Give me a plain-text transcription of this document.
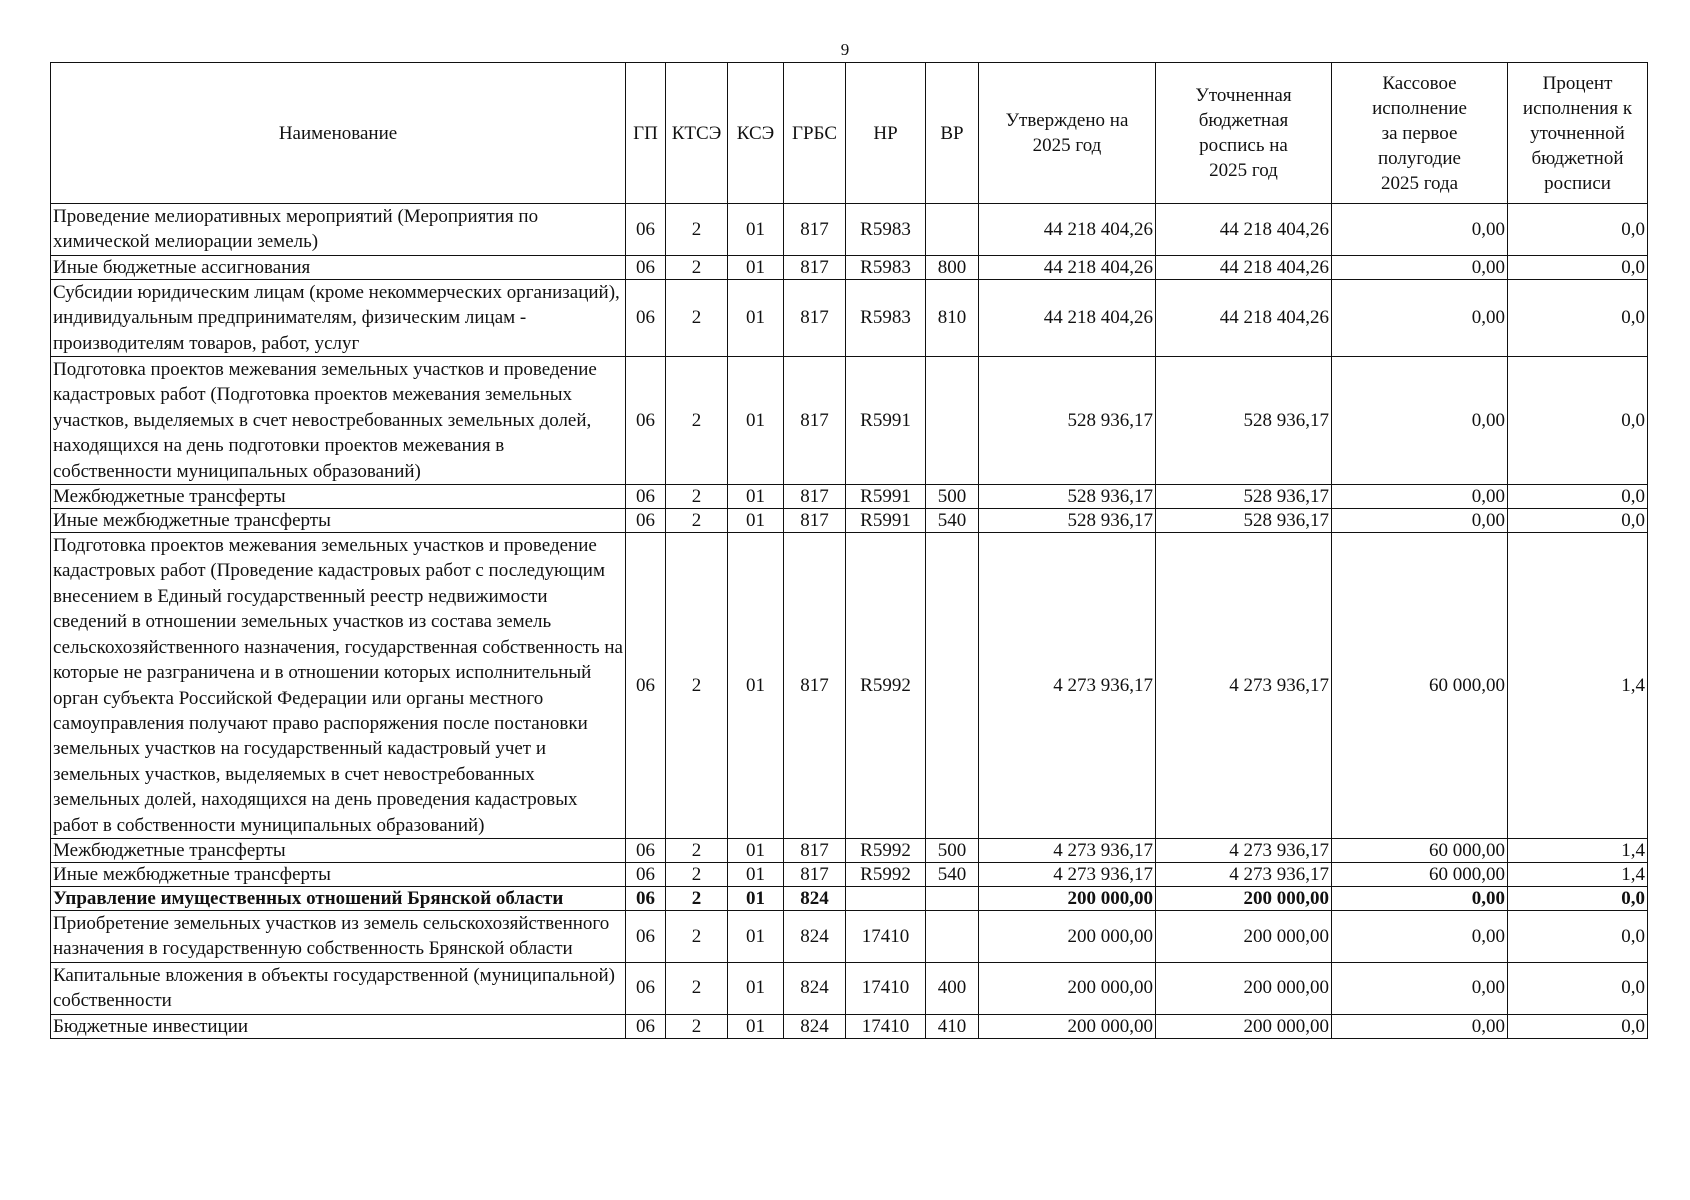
9
Наименование	ГП	КТСЭ	КСЭ	ГРБС	НР	ВР	Утверждено на 2025 год	Уточненная бюджетная роспись на 2025 год	Кассовое исполнение за первое полугодие 2025 года	Процент исполнения к уточненной бюджетной росписи
Проведение мелиоративных мероприятий (Мероприятия по химической мелиорации земель)	06	2	01	817	R5983		44 218 404,26	44 218 404,26	0,00	0,0
Иные бюджетные ассигнования	06	2	01	817	R5983	800	44 218 404,26	44 218 404,26	0,00	0,0
Субсидии юридическим лицам (кроме некоммерческих организаций), индивидуальным предпринимателям, физическим лицам - производителям товаров, работ, услуг	06	2	01	817	R5983	810	44 218 404,26	44 218 404,26	0,00	0,0
Подготовка проектов межевания земельных участков и проведение кадастровых работ (Подготовка проектов межевания земельных участков, выделяемых в счет невостребованных земельных долей, находящихся на день подготовки проектов межевания в собственности муниципальных образований)	06	2	01	817	R5991		528 936,17	528 936,17	0,00	0,0
Межбюджетные трансферты	06	2	01	817	R5991	500	528 936,17	528 936,17	0,00	0,0
Иные межбюджетные трансферты	06	2	01	817	R5991	540	528 936,17	528 936,17	0,00	0,0
Подготовка проектов межевания земельных участков и проведение кадастровых работ (Проведение кадастровых работ с последующим внесением в Единый государственный реестр недвижимости сведений в отношении земельных участков из состава земель сельскохозяйственного назначения, государственная собственность на которые не разграничена и в отношении которых исполнительный орган субъекта Российской Федерации или органы местного самоуправления получают право распоряжения после постановки земельных участков на государственный кадастровый учет и земельных участков, выделяемых в счет невостребованных земельных долей, находящихся на день проведения кадастровых работ в собственности муниципальных образований)	06	2	01	817	R5992		4 273 936,17	4 273 936,17	60 000,00	1,4
Межбюджетные трансферты	06	2	01	817	R5992	500	4 273 936,17	4 273 936,17	60 000,00	1,4
Иные межбюджетные трансферты	06	2	01	817	R5992	540	4 273 936,17	4 273 936,17	60 000,00	1,4
Управление имущественных отношений Брянской области	06	2	01	824			200 000,00	200 000,00	0,00	0,0
Приобретение земельных участков из земель сельскохозяйственного назначения в государственную собственность Брянской области	06	2	01	824	17410		200 000,00	200 000,00	0,00	0,0
Капитальные вложения в объекты государственной (муниципальной) собственности	06	2	01	824	17410	400	200 000,00	200 000,00	0,00	0,0
Бюджетные инвестиции	06	2	01	824	17410	410	200 000,00	200 000,00	0,00	0,0
